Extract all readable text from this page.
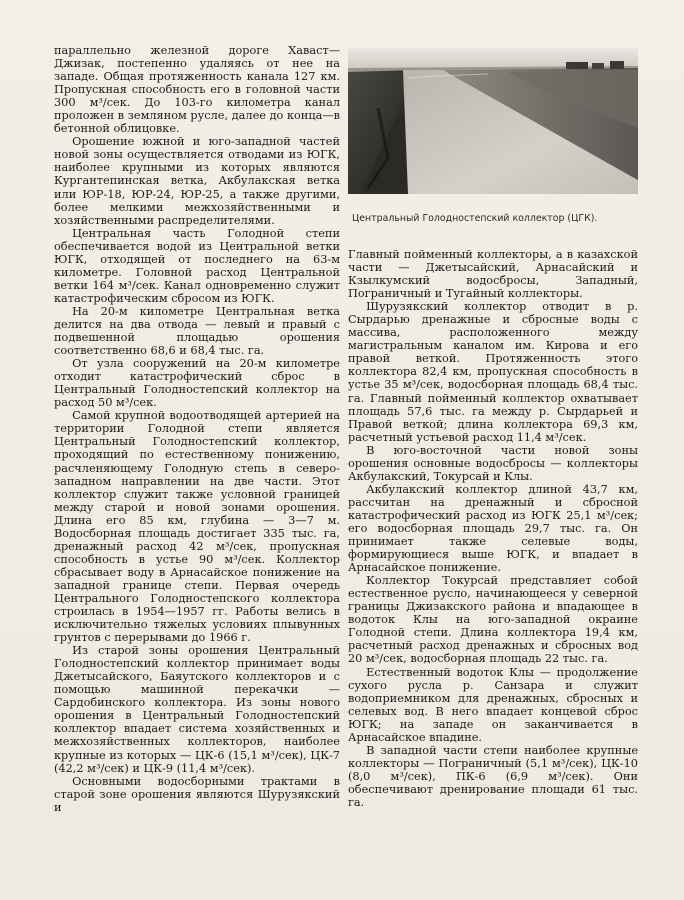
параллельно железной дороге Хаваст—Джизак, постепенно удаляясь от нее на западе. Общая протяженность канала 127 км. Пропускная способность его в головной части 300 м³/сек. До 103-го километра канал проложен в земляном русле, далее до конца—в бетонной облицовке.

Орошение южной и юго-западной частей новой зоны осуществляется отводами из ЮГК, наиболее крупными из которых являются Кургантепинская ветка, Акбулакская ветка или ЮР-18, ЮР-24, ЮР-25, а также другими, более мелкими межхозяйственными и хозяйственными распределителями.

Центральная часть Голодной степи обеспечивается водой из Центральной ветки ЮГК, отходящей от последнего на 63-м километре. Головной расход Центральной ветки 164 м³/сек. Канал одновременно служит катастрофическим сбросом из ЮГК.

На 20-м километре Центральная ветка делится на два отвода — левый и правый с подвешенной площадью орошения соответственно 68,6 и 68,4 тыс. га.

От узла сооружений на 20-м километре отходит катастрофический сброс в Центральный Голодностепский коллектор на расход 50 м³/сек.

Самой крупной водоотводящей артерией на территории Голодной степи является Центральный Голодностепский коллектор, проходящий по естественному понижению, расчленяющему Голодную степь в северо-западном направлении на две части. Этот коллектор служит также условной границей между старой и новой зонами орошения. Длина его 85 км, глубина — 3—7 м. Водосборная площадь достигает 335 тыс. га, дренажный расход 42 м³/сек, пропускная способность в устье 90 м³/сек. Коллектор сбрасывает воду в Арнасайское понижение на западной границе степи. Первая очередь Центрального Голодностепского коллектора строилась в 1954—1957 гг. Работы велись в исключительно тяжелых условиях плывунных грунтов с перерывами до 1966 г.

Из старой зоны орошения Центральный Голодностепский коллектор принимает воды Джетысайского, Баяутского коллекторов и с помощью машинной перекачки — Сардобинского коллектора. Из зоны нового орошения в Центральный Голодностепский коллектор впадает система хозяйственных и межхозяйственных коллекторов, наиболее крупные из которых — ЦК-6 (15,1 м³/сек), ЦК-7 (42,2 м³/сек) и ЦК-9 (11,4 м³/сек).

Основными водосборными трактами в старой зоне орошения являются Шурузякский и

Центральный Голодностепский коллектор (ЦГК).

Главный пойменный коллекторы, а в казахской части — Джетысайский, Арнасайский и Кзылкумский водосбросы, Западный, Пограничный и Тугайный коллекторы.

Шурузякский коллектор отводит в р. Сырдарью дренажные и сбросные воды с массива, расположенного между магистральным каналом им. Кирова и его правой веткой. Протяженность этого коллектора 82,4 км, пропускная способность в устье 35 м³/сек, водосборная площадь 68,4 тыс. га. Главный пойменный коллектор охватывает площадь 57,6 тыс. га между р. Сырдарьей и Правой веткой; длина коллектора 69,3 км, расчетный устьевой расход 11,4 м³/сек.

В юго-восточной части новой зоны орошения основные водосбросы — коллекторы Акбулакский, Токурсай и Клы.

Акбулакский коллектор длиной 43,7 км, рассчитан на дренажный и сбросной катастрофический расход из ЮГК 25,1 м³/сек; его водосборная площадь 29,7 тыс. га. Он принимает также селевые воды, формирующиеся выше ЮГК, и впадает в Арнасайское понижение.

Коллектор Токурсай представляет собой естественное русло, начинающееся у северной границы Джизакского района и впадающее в водоток Клы на юго-западной окраине Голодной степи. Длина коллектора 19,4 км, расчетный расход дренажных и сбросных вод 20 м³/сек, водосборная площадь 22 тыс. га.

Естественный водоток Клы — продолжение сухого русла р. Санзара и служит водоприемником для дренажных, сбросных и селевых вод. В него впадает концевой сброс ЮГК; на западе он заканчивается в Арнасайское впадине.

В западной части степи наиболее крупные коллекторы — Пограничный (5,1 м³/сек), ЦК-10 (8,0 м³/сек), ПК-6 (6,9 м³/сек). Они обеспечивают дренирование площади 61 тыс. га.
